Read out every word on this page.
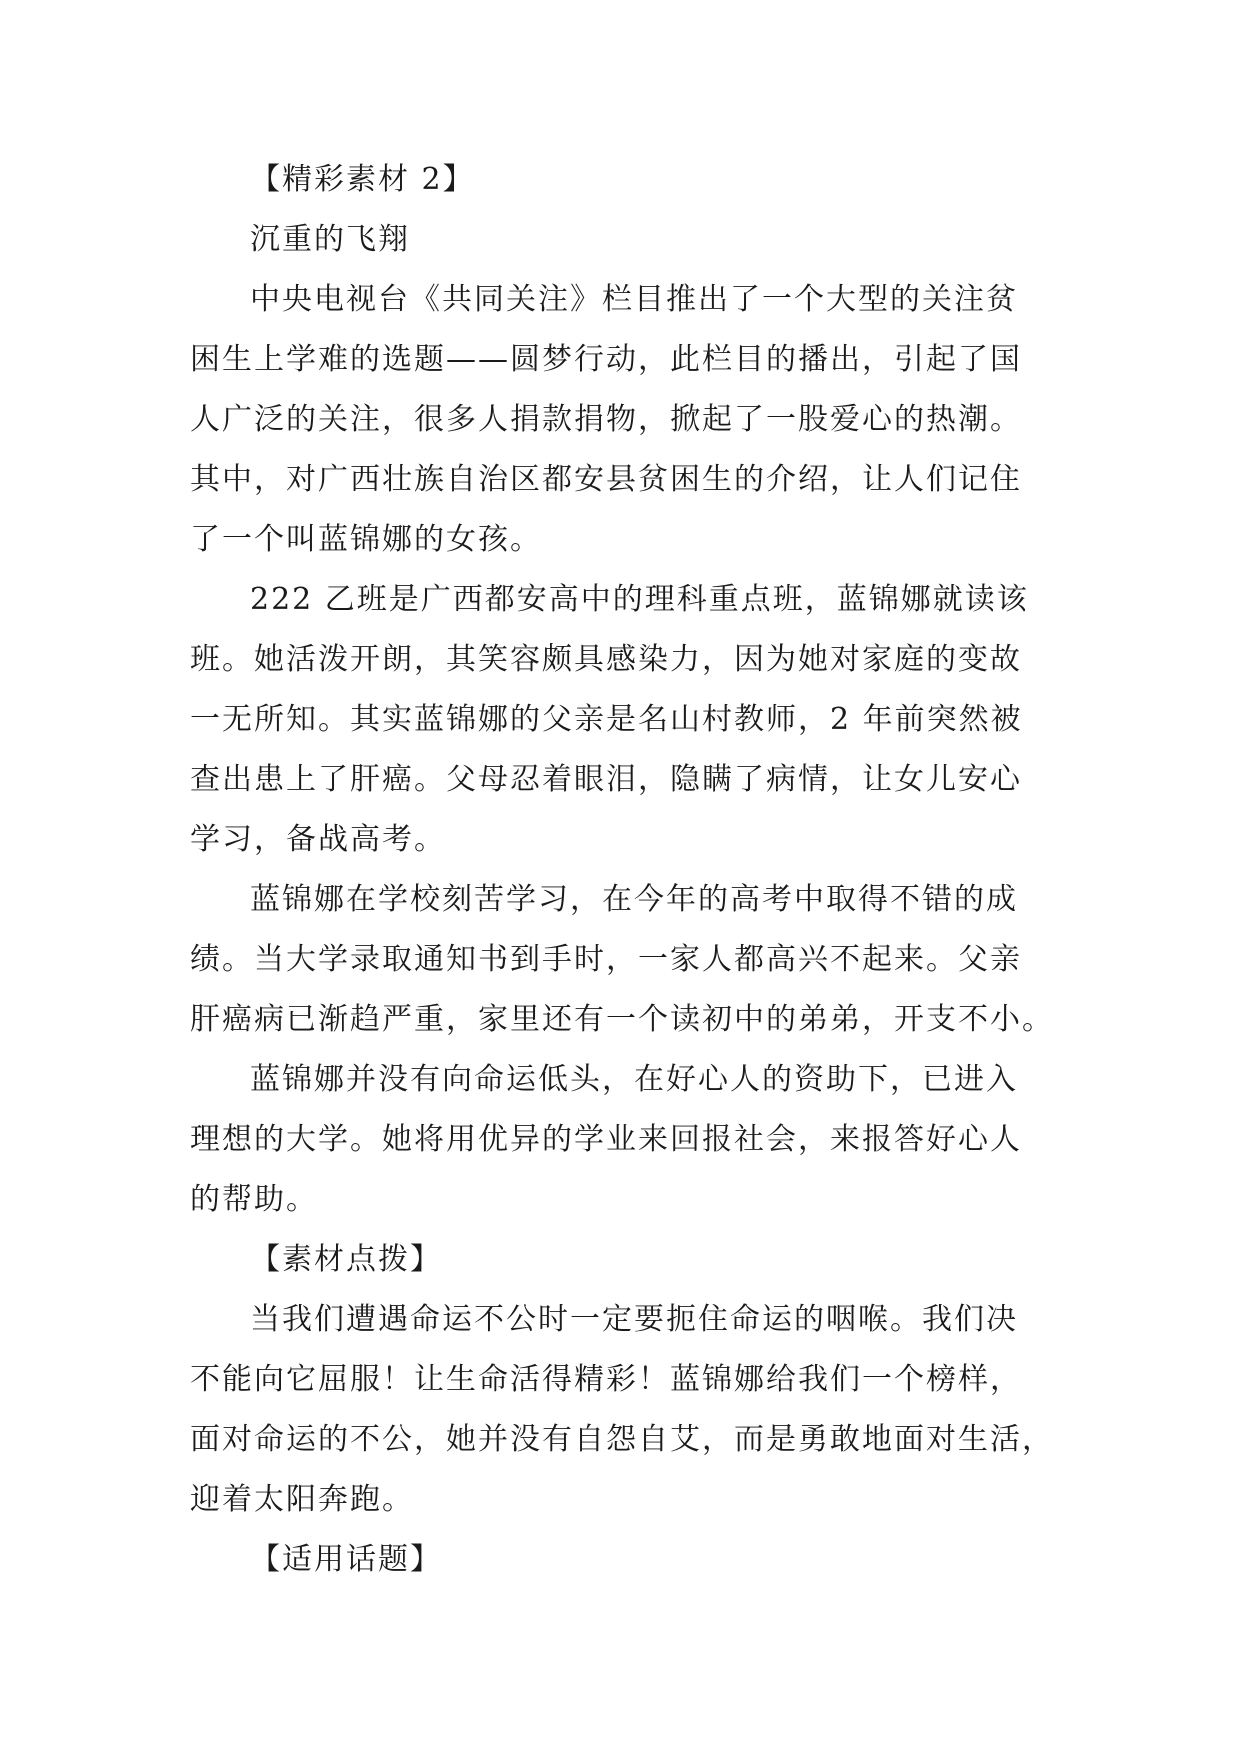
【精彩素材 2】
沉重的飞翔
中央电视台《共同关注》栏目推出了一个大型的关注贫
困生上学难的选题——圆梦行动，此栏目的播出，引起了国
人广泛的关注，很多人捐款捐物，掀起了一股爱心的热潮。
其中，对广西壮族自治区都安县贫困生的介绍，让人们记住
了一个叫蓝锦娜的女孩。
222 乙班是广西都安高中的理科重点班，蓝锦娜就读该
班。她活泼开朗，其笑容颇具感染力，因为她对家庭的变故
一无所知。其实蓝锦娜的父亲是名山村教师，2 年前突然被
查出患上了肝癌。父母忍着眼泪，隐瞒了病情，让女儿安心
学习，备战高考。
蓝锦娜在学校刻苦学习，在今年的高考中取得不错的成
绩。当大学录取通知书到手时，一家人都高兴不起来。父亲
肝癌病已渐趋严重，家里还有一个读初中的弟弟，开支不小。
蓝锦娜并没有向命运低头，在好心人的资助下，已进入
理想的大学。她将用优异的学业来回报社会，来报答好心人
的帮助。
【素材点拨】
当我们遭遇命运不公时一定要扼住命运的咽喉。我们决
不能向它屈服！让生命活得精彩！蓝锦娜给我们一个榜样，
面对命运的不公，她并没有自怨自艾，而是勇敢地面对生活，
迎着太阳奔跑。
【适用话题】
